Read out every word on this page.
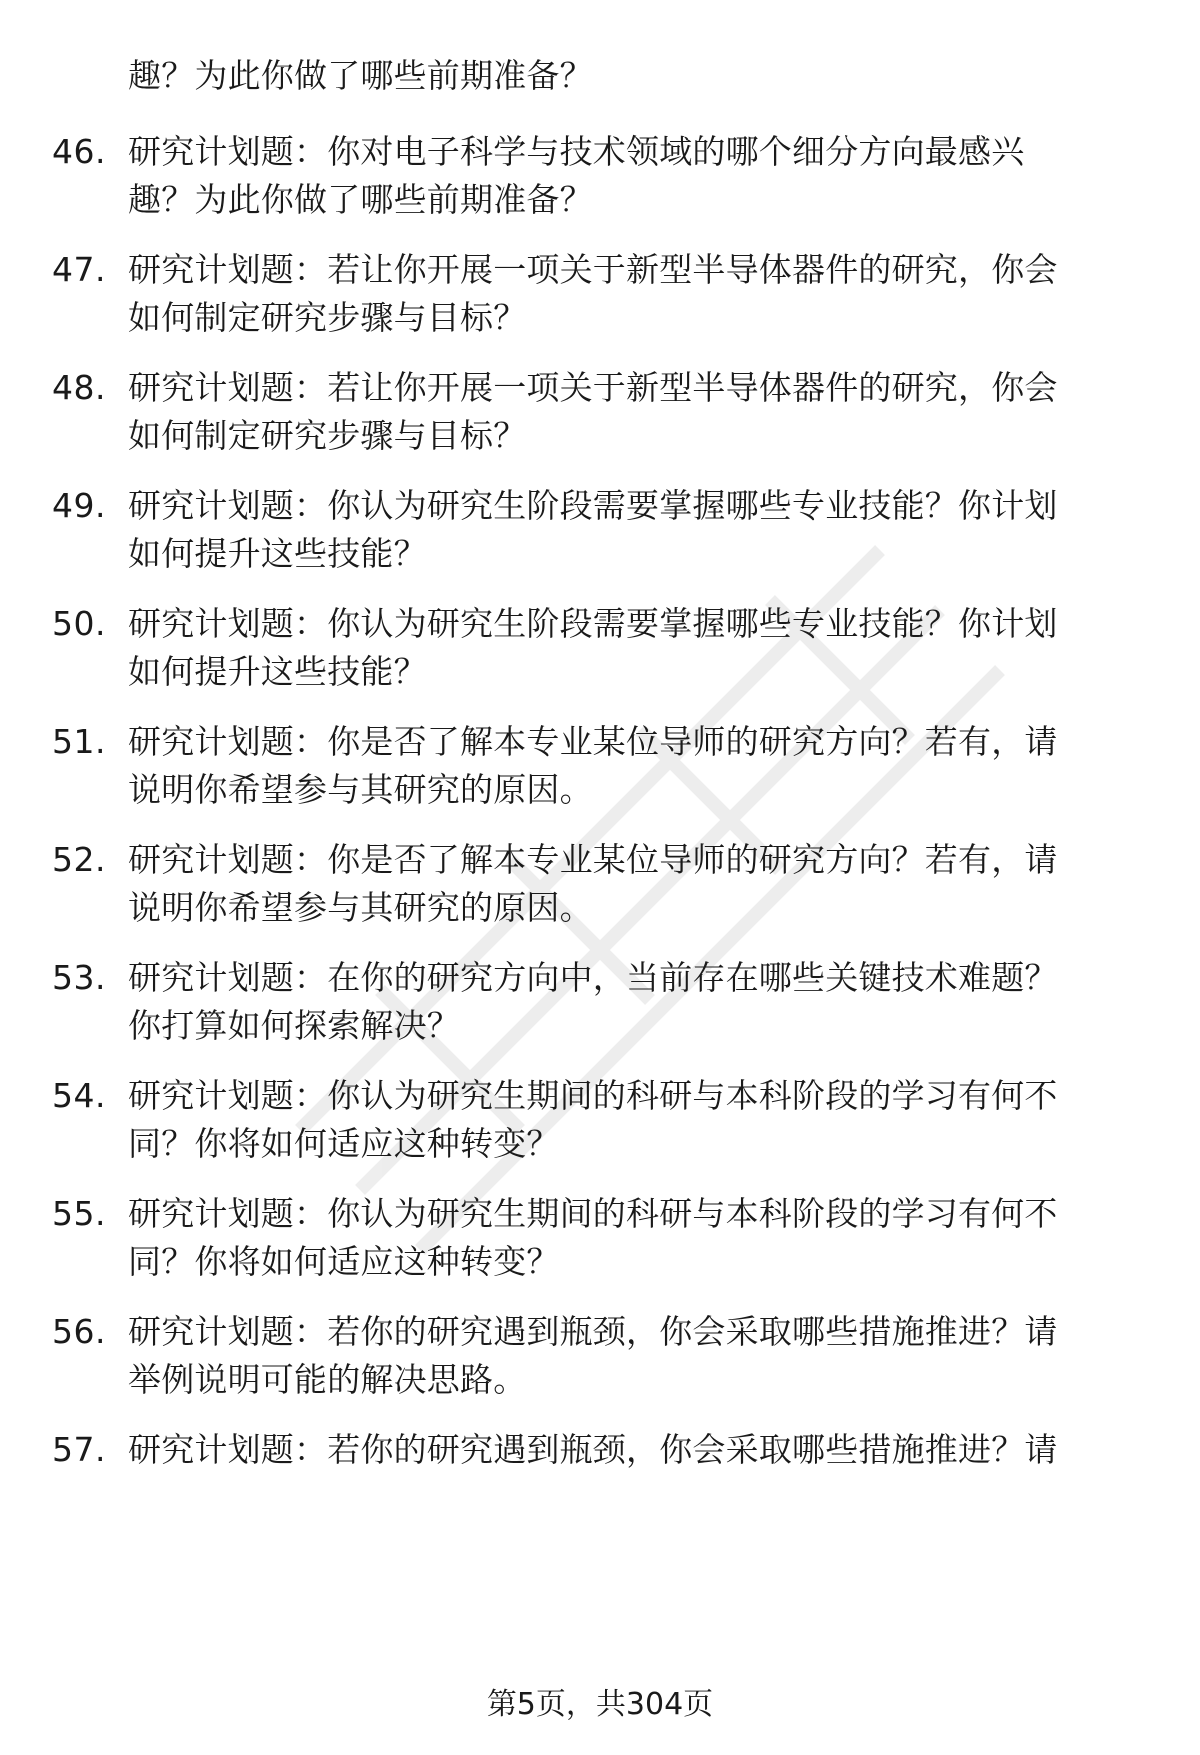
趣？为此你做了哪些前期准备？
46. 研究计划题：你对电子科学与技术领域的哪个细分方向最感兴
趣？为此你做了哪些前期准备？
47. 研究计划题：若让你开展一项关于新型半导体器件的研究，你会
如何制定研究步骤与目标？
48. 研究计划题：若让你开展一项关于新型半导体器件的研究，你会
如何制定研究步骤与目标？
49. 研究计划题：你认为研究生阶段需要掌握哪些专业技能？你计划
如何提升这些技能？
50. 研究计划题：你认为研究生阶段需要掌握哪些专业技能？你计划
如何提升这些技能？
51. 研究计划题：你是否了解本专业某位导师的研究方向？若有，请
说明你希望参与其研究的原因。
52. 研究计划题：你是否了解本专业某位导师的研究方向？若有，请
说明你希望参与其研究的原因。
53. 研究计划题：在你的研究方向中，当前存在哪些关键技术难题？
你打算如何探索解决？
54. 研究计划题：你认为研究生期间的科研与本科阶段的学习有何不
同？你将如何适应这种转变？
55. 研究计划题：你认为研究生期间的科研与本科阶段的学习有何不
同？你将如何适应这种转变？
56. 研究计划题：若你的研究遇到瓶颈，你会采取哪些措施推进？请
举例说明可能的解决思路。
57. 研究计划题：若你的研究遇到瓶颈，你会采取哪些措施推进？请
第5页，共304页
